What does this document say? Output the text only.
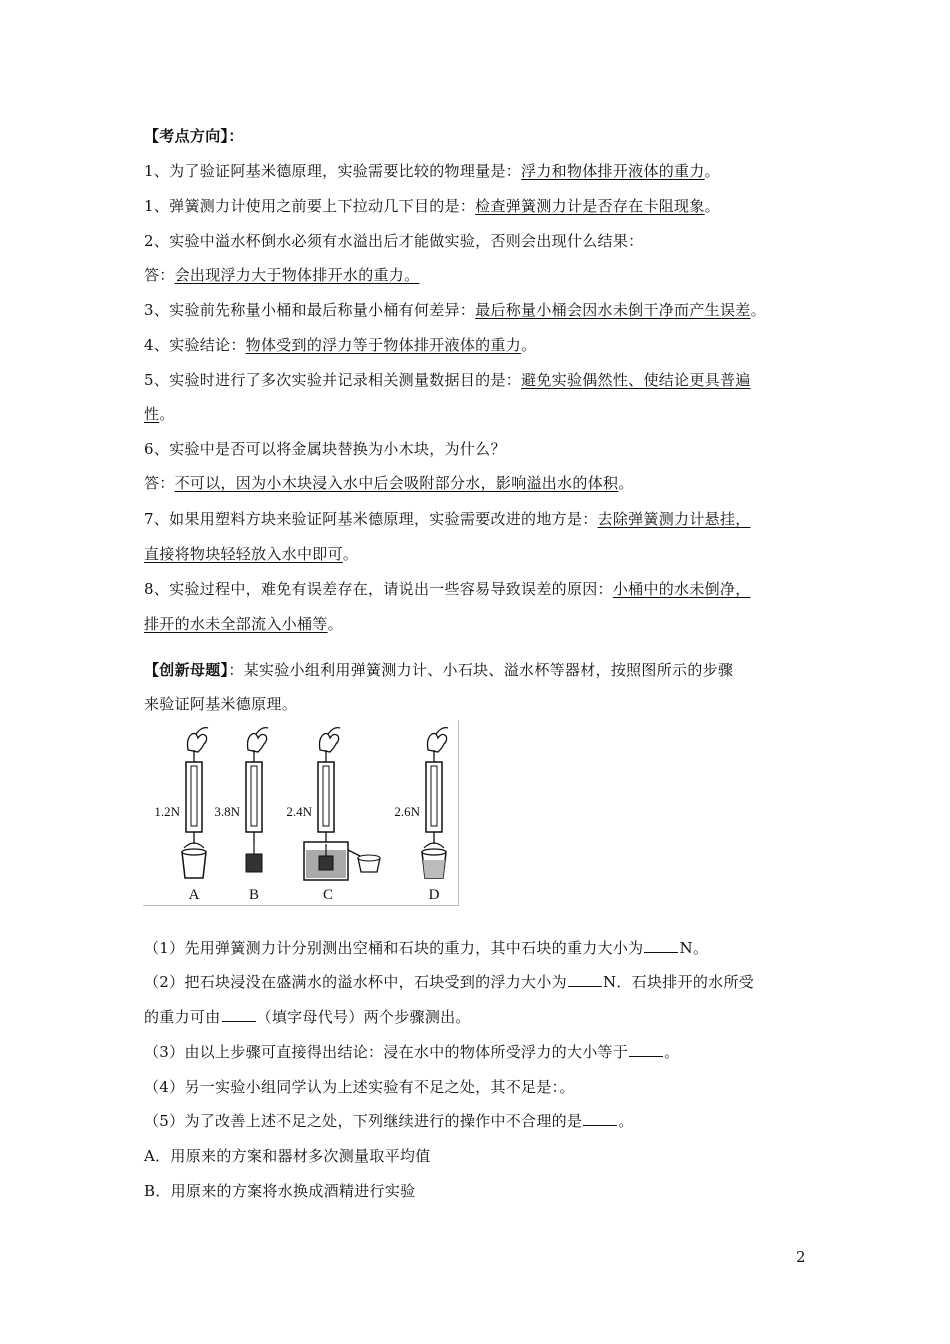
【考点方向】：
1、为了验证阿基米德原理，实验需要比较的物理量是：浮力和物体排开液体的重力。
1、弹簧测力计使用之前要上下拉动几下目的是：检查弹簧测力计是否存在卡阻现象。
2、实验中溢水杯倒水必须有水溢出后才能做实验，否则会出现什么结果：
答：会出现浮力大于物体排开水的重力。
3、实验前先称量小桶和最后称量小桶有何差异：最后称量小桶会因水未倒干净而产生误差。
4、实验结论：物体受到的浮力等于物体排开液体的重力。
5、实验时进行了多次实验并记录相关测量数据目的是：避免实验偶然性、使结论更具普遍
性。
6、实验中是否可以将金属块替换为小木块，为什么？
答：不可以，因为小木块浸入水中后会吸附部分水，影响溢出水的体积。
7、如果用塑料方块来验证阿基米德原理，实验需要改进的地方是：去除弹簧测力计悬挂，
直接将物块轻轻放入水中即可。
8、实验过程中，难免有误差存在，请说出一些容易导致误差的原因：小桶中的水未倒净，
排开的水未全部流入小桶等。
【创新母题】：某实验小组利用弹簧测力计、小石块、溢水杯等器材，按照图所示的步骤
来验证阿基米德原理。
1.2N
A
3.8N
B
2.4N
C
2.6N
D
（1）先用弹簧测力计分别测出空桶和石块的重力，其中石块的重力大小为 N。
（2）把石块浸没在盛满水的溢水杯中，石块受到的浮力大小为 N．石块排开的水所受
的重力可由 （填字母代号）两个步骤测出。
（3）由以上步骤可直接得出结论：浸在水中的物体所受浮力的大小等于 。
（4）另一实验小组同学认为上述实验有不足之处，其不足是：。
（5）为了改善上述不足之处，下列继续进行的操作中不合理的是 。
A．用原来的方案和器材多次测量取平均值
B．用原来的方案将水换成酒精进行实验
2
